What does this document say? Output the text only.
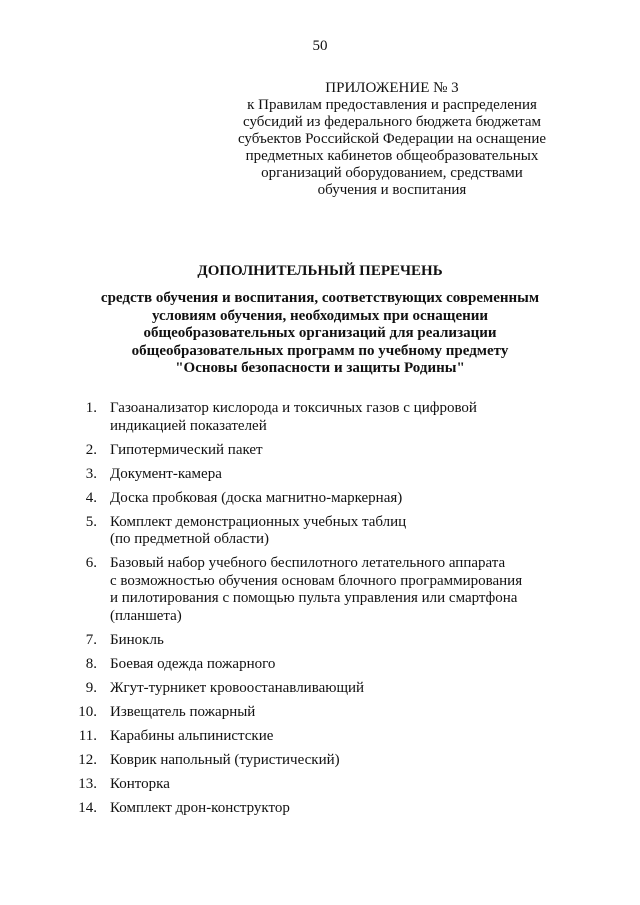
50
ПРИЛОЖЕНИЕ № 3
к Правилам предоставления и распределения
субсидий из федерального бюджета бюджетам
субъектов Российской Федерации на оснащение
предметных кабинетов общеобразовательных
организаций оборудованием, средствами
обучения и воспитания
ДОПОЛНИТЕЛЬНЫЙ ПЕРЕЧЕНЬ
средств обучения и воспитания, соответствующих современным
условиям обучения, необходимых при оснащении
общеобразовательных организаций для реализации
общеобразовательных программ по учебному предмету
"Основы безопасности и защиты Родины"
1. Газоанализатор кислорода и токсичных газов с цифровой
индикацией показателей
2. Гипотермический пакет
3. Документ-камера
4. Доска пробковая (доска магнитно-маркерная)
5. Комплект демонстрационных учебных таблиц
(по предметной области)
6. Базовый набор учебного беспилотного летательного аппарата
с возможностью обучения основам блочного программирования
и пилотирования с помощью пульта управления или смартфона
(планшета)
7. Бинокль
8. Боевая одежда пожарного
9. Жгут-турникет кровоостанавливающий
10. Извещатель пожарный
11. Карабины альпинистские
12. Коврик напольный (туристический)
13. Конторка
14. Комплект дрон-конструктор
